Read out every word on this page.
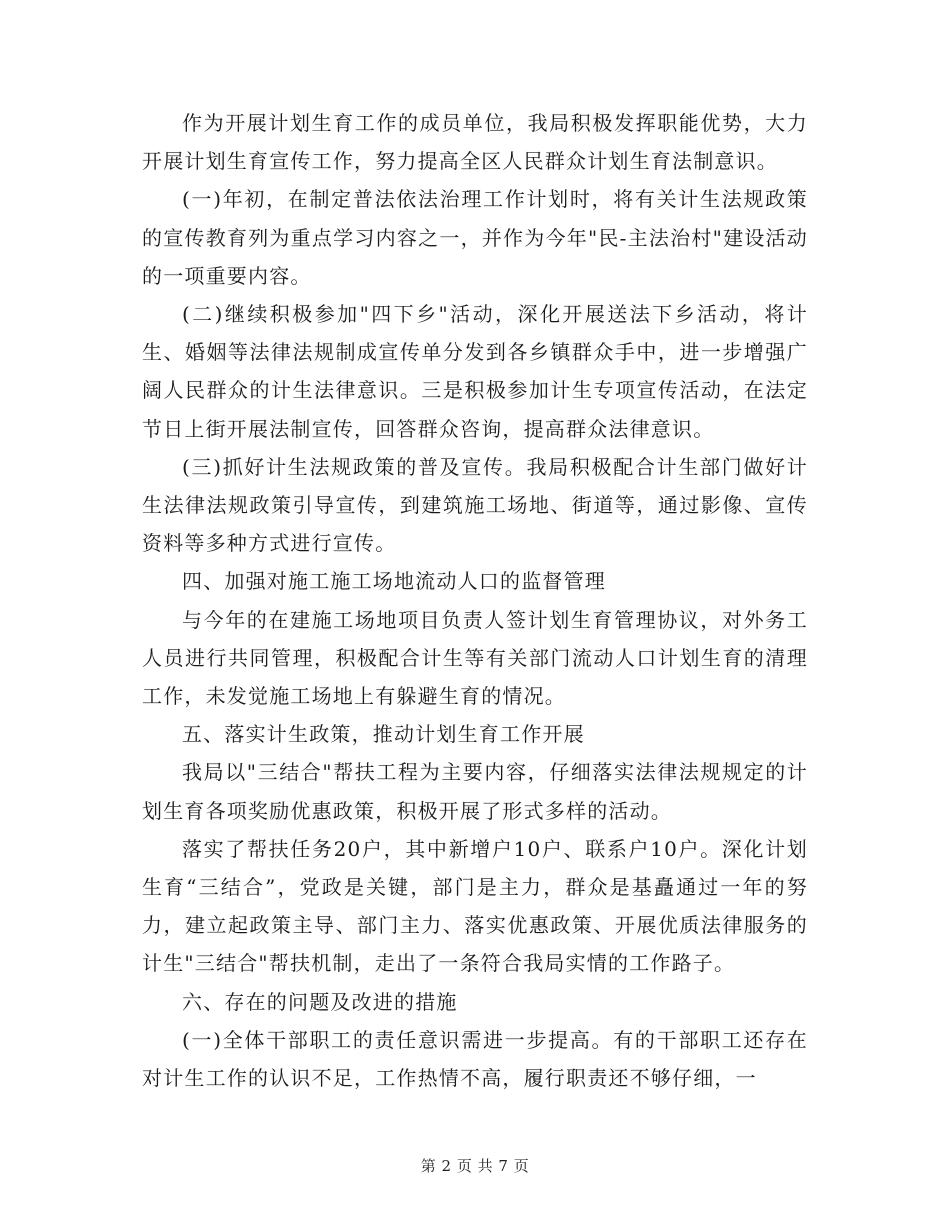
作为开展计划生育工作的成员单位，我局积极发挥职能优势，大力开展计划生育宣传工作，努力提高全区人民群众计划生育法制意识。

(一)年初，在制定普法依法治理工作计划时，将有关计生法规政策的宣传教育列为重点学习内容之一，并作为今年"民-主法治村"建设活动的一项重要内容。

(二)继续积极参加"四下乡"活动，深化开展送法下乡活动，将计生、婚姻等法律法规制成宣传单分发到各乡镇群众手中，进一步增强广阔人民群众的计生法律意识。三是积极参加计生专项宣传活动，在法定节日上街开展法制宣传，回答群众咨询，提高群众法律意识。

(三)抓好计生法规政策的普及宣传。我局积极配合计生部门做好计生法律法规政策引导宣传，到建筑施工场地、街道等，通过影像、宣传资料等多种方式进行宣传。

四、加强对施工施工场地流动人口的监督管理

与今年的在建施工场地项目负责人签计划生育管理协议，对外务工人员进行共同管理，积极配合计生等有关部门流动人口计划生育的清理工作，未发觉施工场地上有躲避生育的情况。

五、落实计生政策，推动计划生育工作开展

我局以"三结合"帮扶工程为主要内容，仔细落实法律法规规定的计划生育各项奖励优惠政策，积极开展了形式多样的活动。

落实了帮扶任务20户，其中新增户10户、联系户10户。深化计划生育“三结合”，党政是关键，部门是主力，群众是基矗通过一年的努力，建立起政策主导、部门主力、落实优惠政策、开展优质法律服务的计生"三结合"帮扶机制，走出了一条符合我局实情的工作路子。

六、存在的问题及改进的措施

(一)全体干部职工的责任意识需进一步提高。有的干部职工还存在对计生工作的认识不足，工作热情不高，履行职责还不够仔细，一

第 2 页 共 7 页
